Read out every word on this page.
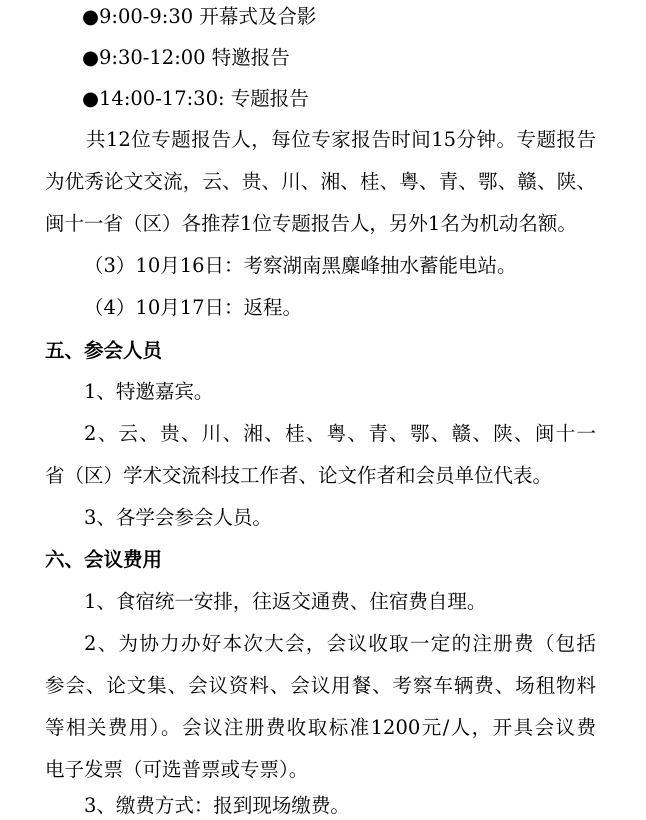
●9:00-9:30 开幕式及合影
●9:30-12:00 特邀报告
●14:00-17:30: 专题报告
共12位专题报告人，每位专家报告时间15分钟。专题报告
为优秀论文交流，云、贵、川、湘、桂、粤、青、鄂、赣、陕、
闽十一省（区）各推荐1位专题报告人，另外1名为机动名额。
（3）10月16日：考察湖南黑麋峰抽水蓄能电站。
（4）10月17日：返程。
五、参会人员
1、特邀嘉宾。
2、云、贵、川、湘、桂、粤、青、鄂、赣、陕、闽十一
省（区）学术交流科技工作者、论文作者和会员单位代表。
3、各学会参会人员。
六、会议费用
1、食宿统一安排，往返交通费、住宿费自理。
2、为协力办好本次大会，会议收取一定的注册费（包括
参会、论文集、会议资料、会议用餐、考察车辆费、场租物料
等相关费用）。会议注册费收取标准1200元/人，开具会议费
电子发票（可选普票或专票）。
3、缴费方式：报到现场缴费。
